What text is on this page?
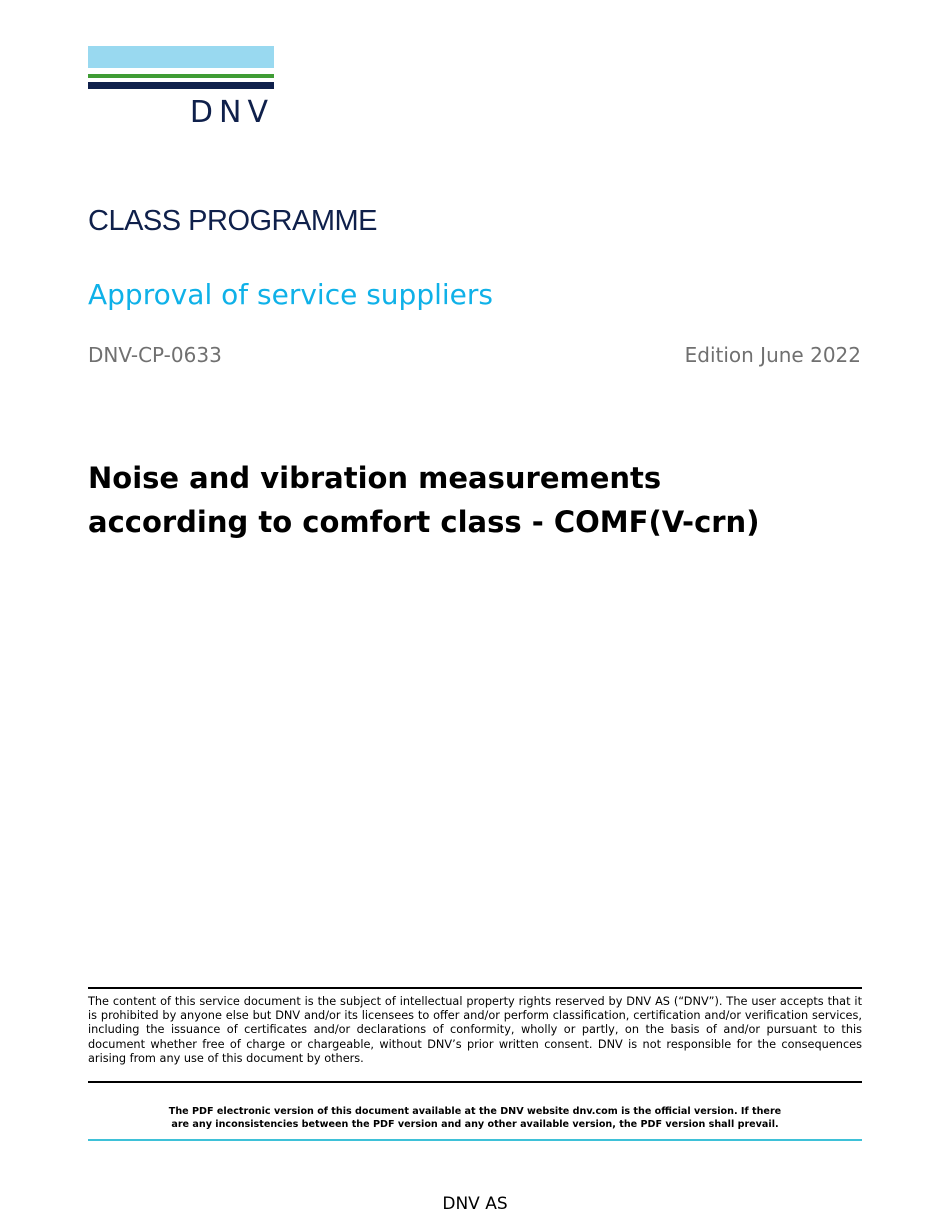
DNV
CLASS PROGRAMME
Approval of service suppliers
DNV-CP-0633	Edition June 2022
Noise and vibration measurements
according to comfort class - COMF(V-crn)

The content of this service document is the subject of intellectual property rights reserved by DNV AS (“DNV”). The user accepts that it is prohibited by anyone else but DNV and/or its licensees to offer and/or perform classification, certification and/or verification services, including the issuance of certificates and/or declarations of conformity, wholly or partly, on the basis of and/or pursuant to this document whether free of charge or chargeable, without DNV’s prior written consent. DNV is not responsible for the consequences arising from any use of this document by others.

The PDF electronic version of this document available at the DNV website dnv.com is the official version. If there
are any inconsistencies between the PDF version and any other available version, the PDF version shall prevail.

DNV AS
